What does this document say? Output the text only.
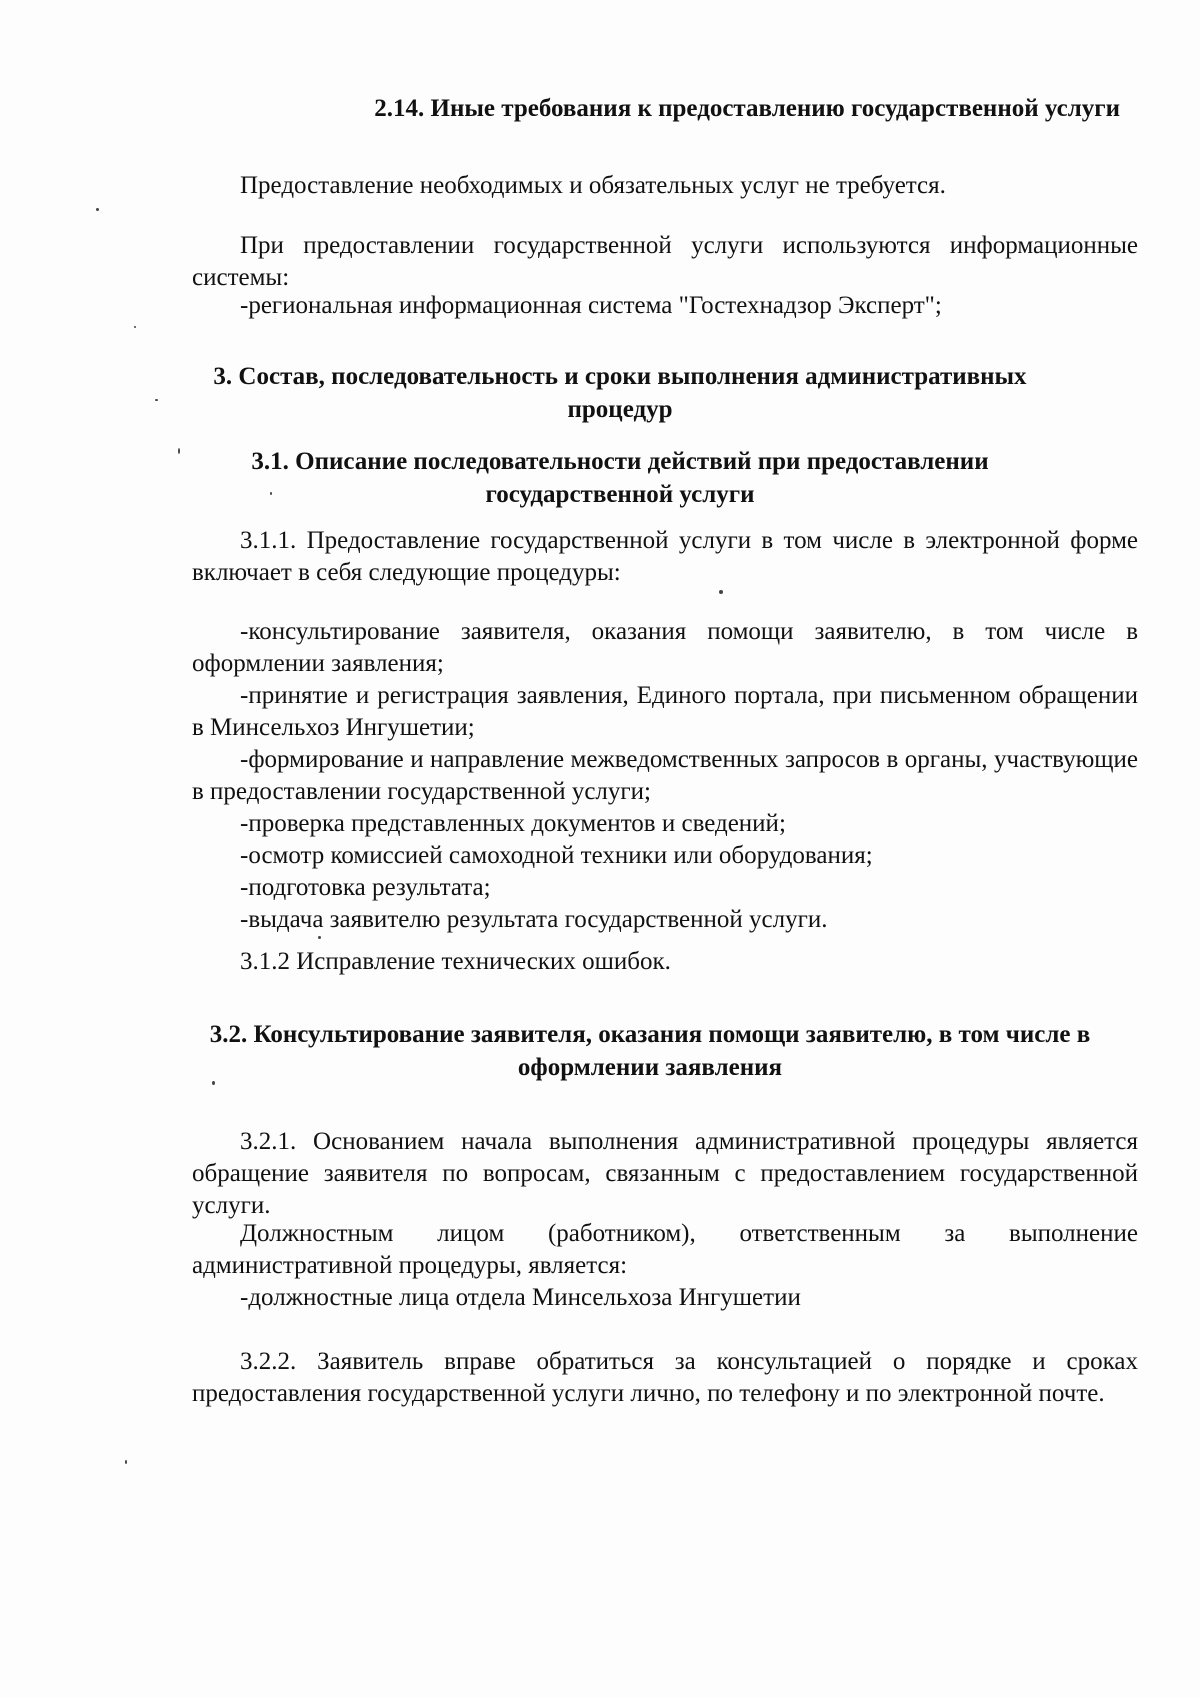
2.14. Иные требования к предоставлению государственной услуги

Предоставление необходимых и обязательных услуг не требуется.

При предоставлении государственной услуги используются информационные системы:

-региональная информационная система "Гостехнадзор Эксперт";

3. Состав, последовательность и сроки выполнения административных процедур
3.1. Описание последовательности действий при предоставлении государственной услуги

3.1.1. Предоставление государственной услуги в том числе в электронной форме включает в себя следующие процедуры:

-консультирование заявителя, оказания помощи заявителю, в том числе в оформлении заявления;

-принятие и регистрация заявления, Единого портала, при письменном обращении в Минсельхоз Ингушетии;

-формирование и направление межведомственных запросов в органы, участвующие в предоставлении государственной услуги;

-проверка представленных документов и сведений;

-осмотр комиссией самоходной техники или оборудования;

-подготовка результата;

-выдача заявителю результата государственной услуги.

3.1.2 Исправление технических ошибок.

3.2. Консультирование заявителя, оказания помощи заявителю, в том числе в оформлении заявления

3.2.1. Основанием начала выполнения административной процедуры является обращение заявителя по вопросам, связанным с предоставлением государственной услуги.

Должностным лицом (работником), ответственным за выполнение административной процедуры, является:

-должностные лица отдела Минсельхоза Ингушетии

3.2.2. Заявитель вправе обратиться за консультацией о порядке и сроках предоставления государственной услуги лично, по телефону и по электронной почте.
